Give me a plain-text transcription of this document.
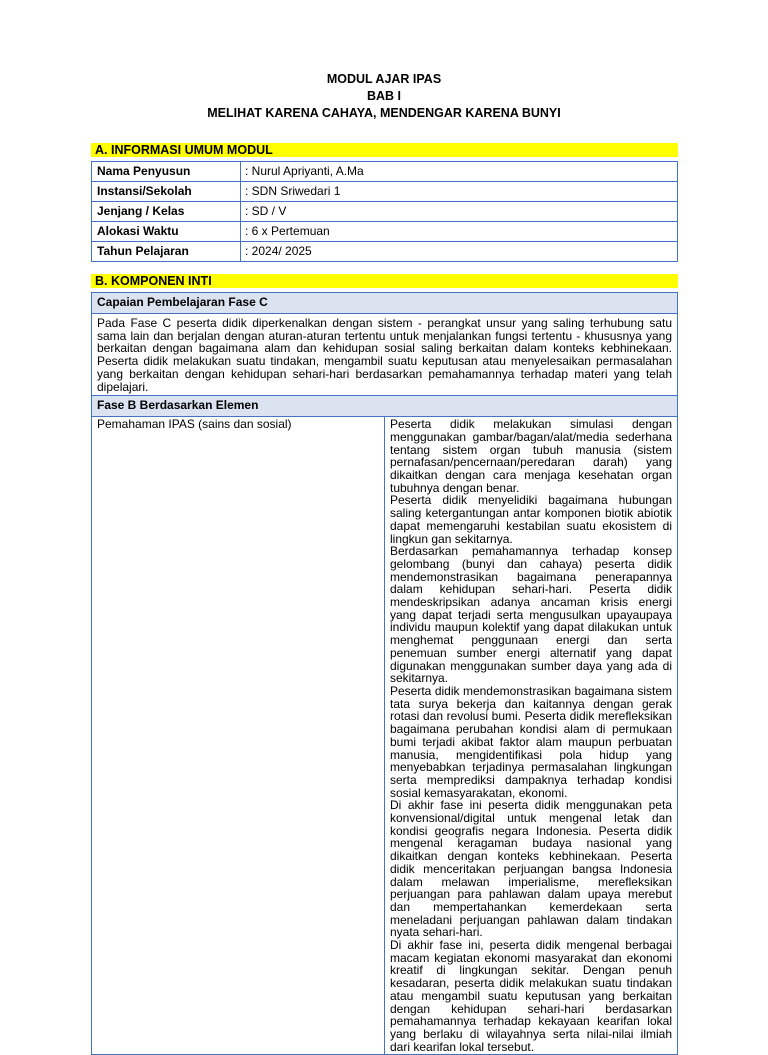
MODUL AJAR IPAS
BAB I
MELIHAT KARENA CAHAYA, MENDENGAR KARENA BUNYI
A. INFORMASI UMUM MODUL
Nama Penyusun	: Nurul Apriyanti, A.Ma
Instansi/Sekolah	: SDN Sriwedari 1
Jenjang / Kelas	: SD / V
Alokasi Waktu	: 6 x Pertemuan
Tahun Pelajaran	: 2024/ 2025
B. KOMPONEN INTI
Capaian Pembelajaran Fase C
Pada Fase C peserta didik diperkenalkan dengan sistem - perangkat unsur yang saling terhubung satu sama lain dan berjalan dengan aturan-aturan tertentu untuk menjalankan fungsi tertentu - khususnya yang berkaitan dengan bagaimana alam dan kehidupan sosial saling berkaitan dalam konteks kebhinekaan. Peserta didik melakukan suatu tindakan, mengambil suatu keputusan atau menyelesaikan permasalahan yang berkaitan dengan kehidupan sehari-hari berdasarkan pemahamannya terhadap materi yang telah dipelajari.
Fase B Berdasarkan Elemen
Pemahaman IPAS (sains dan sosial)	Peserta didik melakukan simulasi dengan menggunakan gambar/bagan/alat/media sederhana tentang sistem organ tubuh manusia (sistem pernafasan/pencernaan/peredaran darah) yang dikaitkan dengan cara menjaga kesehatan organ tubuhnya dengan benar.

Peserta didik menyelidiki bagaimana hubungan saling ketergantungan antar komponen biotik abiotik dapat memengaruhi kestabilan suatu ekosistem di lingkun gan sekitarnya.

Berdasarkan pemahamannya terhadap konsep gelombang (bunyi dan cahaya) peserta didik mendemonstrasikan bagaimana penerapannya dalam kehidupan sehari-hari. Peserta didik mendeskripsikan adanya ancaman krisis energi yang dapat terjadi serta mengusulkan upayaupaya individu maupun kolektif yang dapat dilakukan untuk menghemat penggunaan energi dan serta penemuan sumber energi alternatif yang dapat digunakan menggunakan sumber daya yang ada di sekitarnya.

Peserta didik mendemonstrasikan bagaimana sistem tata surya bekerja dan kaitannya dengan gerak rotasi dan revolusi bumi. Peserta didik merefleksikan bagaimana perubahan kondisi alam di permukaan bumi terjadi akibat faktor alam maupun perbuatan manusia, mengidentifikasi pola hidup yang menyebabkan terjadinya permasalahan lingkungan serta memprediksi dampaknya terhadap kondisi sosial kemasyarakatan, ekonomi.

Di akhir fase ini peserta didik menggunakan peta konvensional/digital untuk mengenal letak dan kondisi geografis negara Indonesia. Peserta didik mengenal keragaman budaya nasional yang dikaitkan dengan konteks kebhinekaan. Peserta didik menceritakan perjuangan bangsa Indonesia dalam melawan imperialisme, merefleksikan perjuangan para pahlawan dalam upaya merebut dan mempertahankan kemerdekaan serta meneladani perjuangan pahlawan dalam tindakan nyata sehari-hari.

Di akhir fase ini, peserta didik mengenal berbagai macam kegiatan ekonomi masyarakat dan ekonomi kreatif di lingkungan sekitar. Dengan penuh kesadaran, peserta didik melakukan suatu tindakan atau mengambil suatu keputusan yang berkaitan dengan kehidupan sehari-hari berdasarkan pemahamannya terhadap kekayaan kearifan lokal yang berlaku di wilayahnya serta nilai-nilai ilmiah dari kearifan lokal tersebut.
